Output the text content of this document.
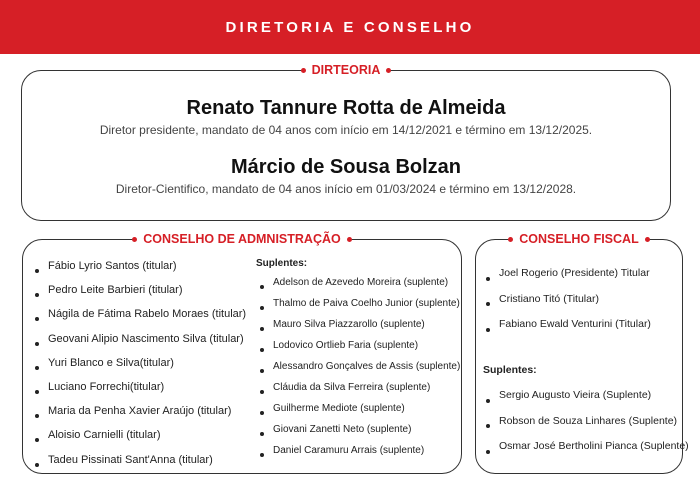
DIRETORIA E CONSELHO
DIRTEORIA
Renato Tannure Rotta de Almeida
Diretor presidente, mandato de 04 anos com início em 14/12/2021 e término em 13/12/2025.
Márcio de Sousa Bolzan
Diretor-Cientifico, mandato de 04 anos início em 01/03/2024 e término em 13/12/2028.
CONSELHO DE ADMNISTRAÇÃO
Fábio Lyrio Santos (titular)
Pedro Leite Barbieri (titular)
Nágila de Fátima Rabelo Moraes (titular)
Geovani Alipio Nascimento Silva (titular)
Yuri Blanco e Silva(titular)
Luciano Forrechi(titular)
Maria da Penha Xavier Araújo (titular)
Aloisio Carnielli (titular)
Tadeu Pissinati Sant'Anna (titular)
Suplentes:
Adelson de Azevedo Moreira (suplente)
Thalmo de Paiva Coelho Junior (suplente)
Mauro Silva Piazzarollo (suplente)
Lodovico Ortlieb Faria (suplente)
Alessandro Gonçalves de Assis (suplente)
Cláudia da Silva Ferreira (suplente)
Guilherme Mediote (suplente)
Giovani Zanetti Neto (suplente)
Daniel Caramuru Arrais (suplente)
CONSELHO FISCAL
Joel Rogerio (Presidente) Titular
Cristiano Titó (Titular)
Fabiano Ewald Venturini (Titular)
Suplentes:
Sergio Augusto Vieira (Suplente)
Robson de Souza Linhares (Suplente)
Osmar José Bertholini Pianca (Suplente)
